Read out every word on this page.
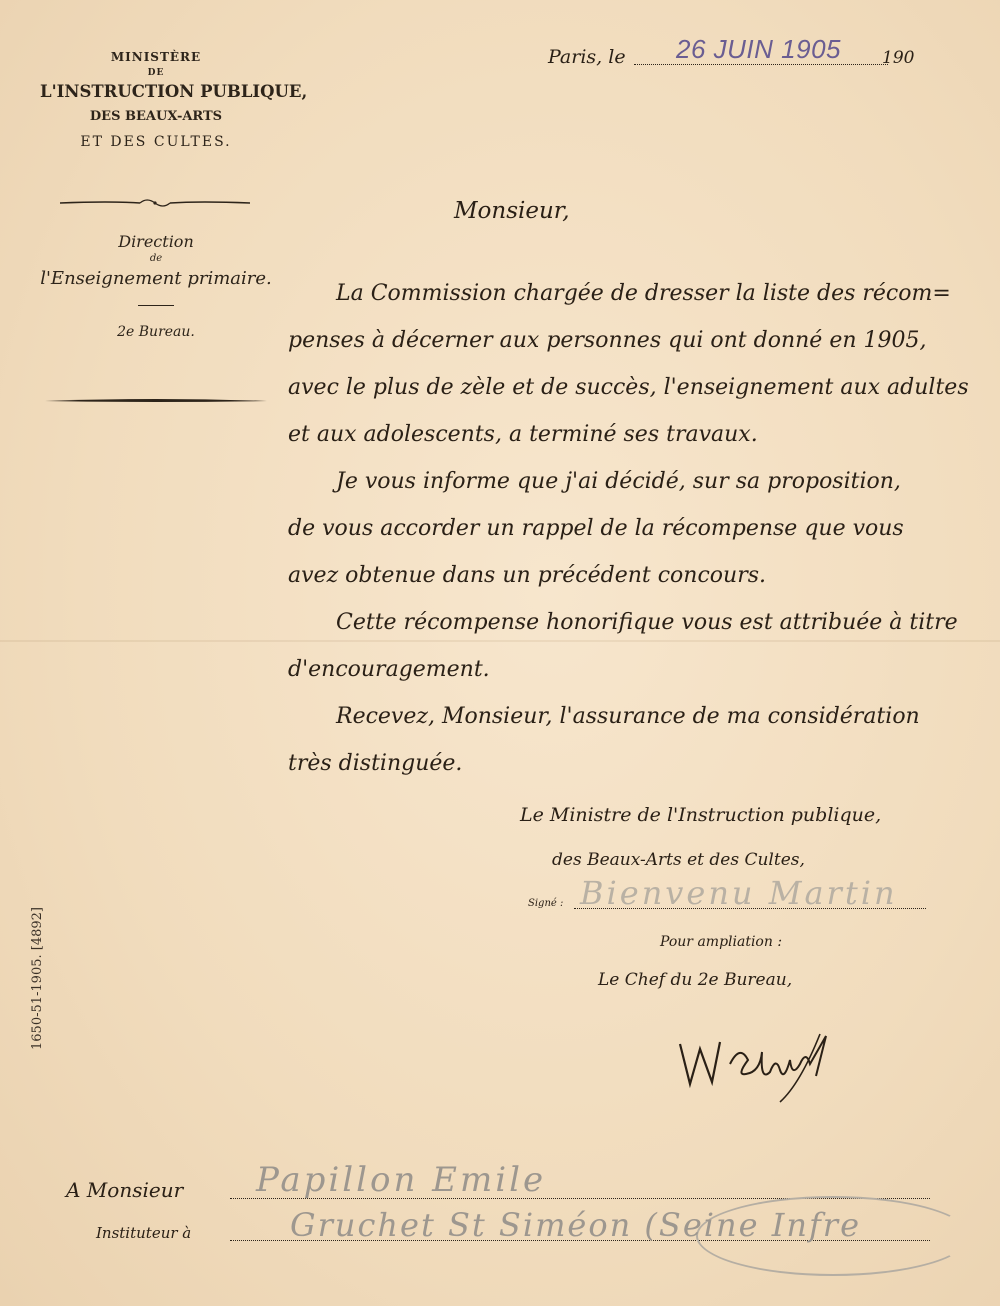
MINISTÈRE
DE
L'INSTRUCTION PUBLIQUE,
DES BEAUX-ARTS
ET DES CULTES.
Direction
de
l'Enseignement primaire.
2e Bureau.
Paris, le 26 JUIN 1905 190
Monsieur,

La Commission chargée de dresser la liste des récom=
penses à décerner aux personnes qui ont donné en 1905,
avec le plus de zèle et de succès, l'enseignement aux adultes
et aux adolescents, a terminé ses travaux.

Je vous informe que j'ai décidé, sur sa proposition,
de vous accorder un rappel de la récompense que vous
avez obtenue dans un précédent concours.

Cette récompense honorifique vous est attribuée à titre
d'encouragement.

Recevez, Monsieur, l'assurance de ma considération
très distinguée.

Le Ministre de l'Instruction publique,
des Beaux-Arts et des Cultes,
Signé : Bienvenu Martin
Pour ampliation :
Le Chef du 2e Bureau,
1650-51-1905. [4892]
A Monsieur Papillon Emile
Instituteur à	Gruchet St Siméon (Seine Infre
